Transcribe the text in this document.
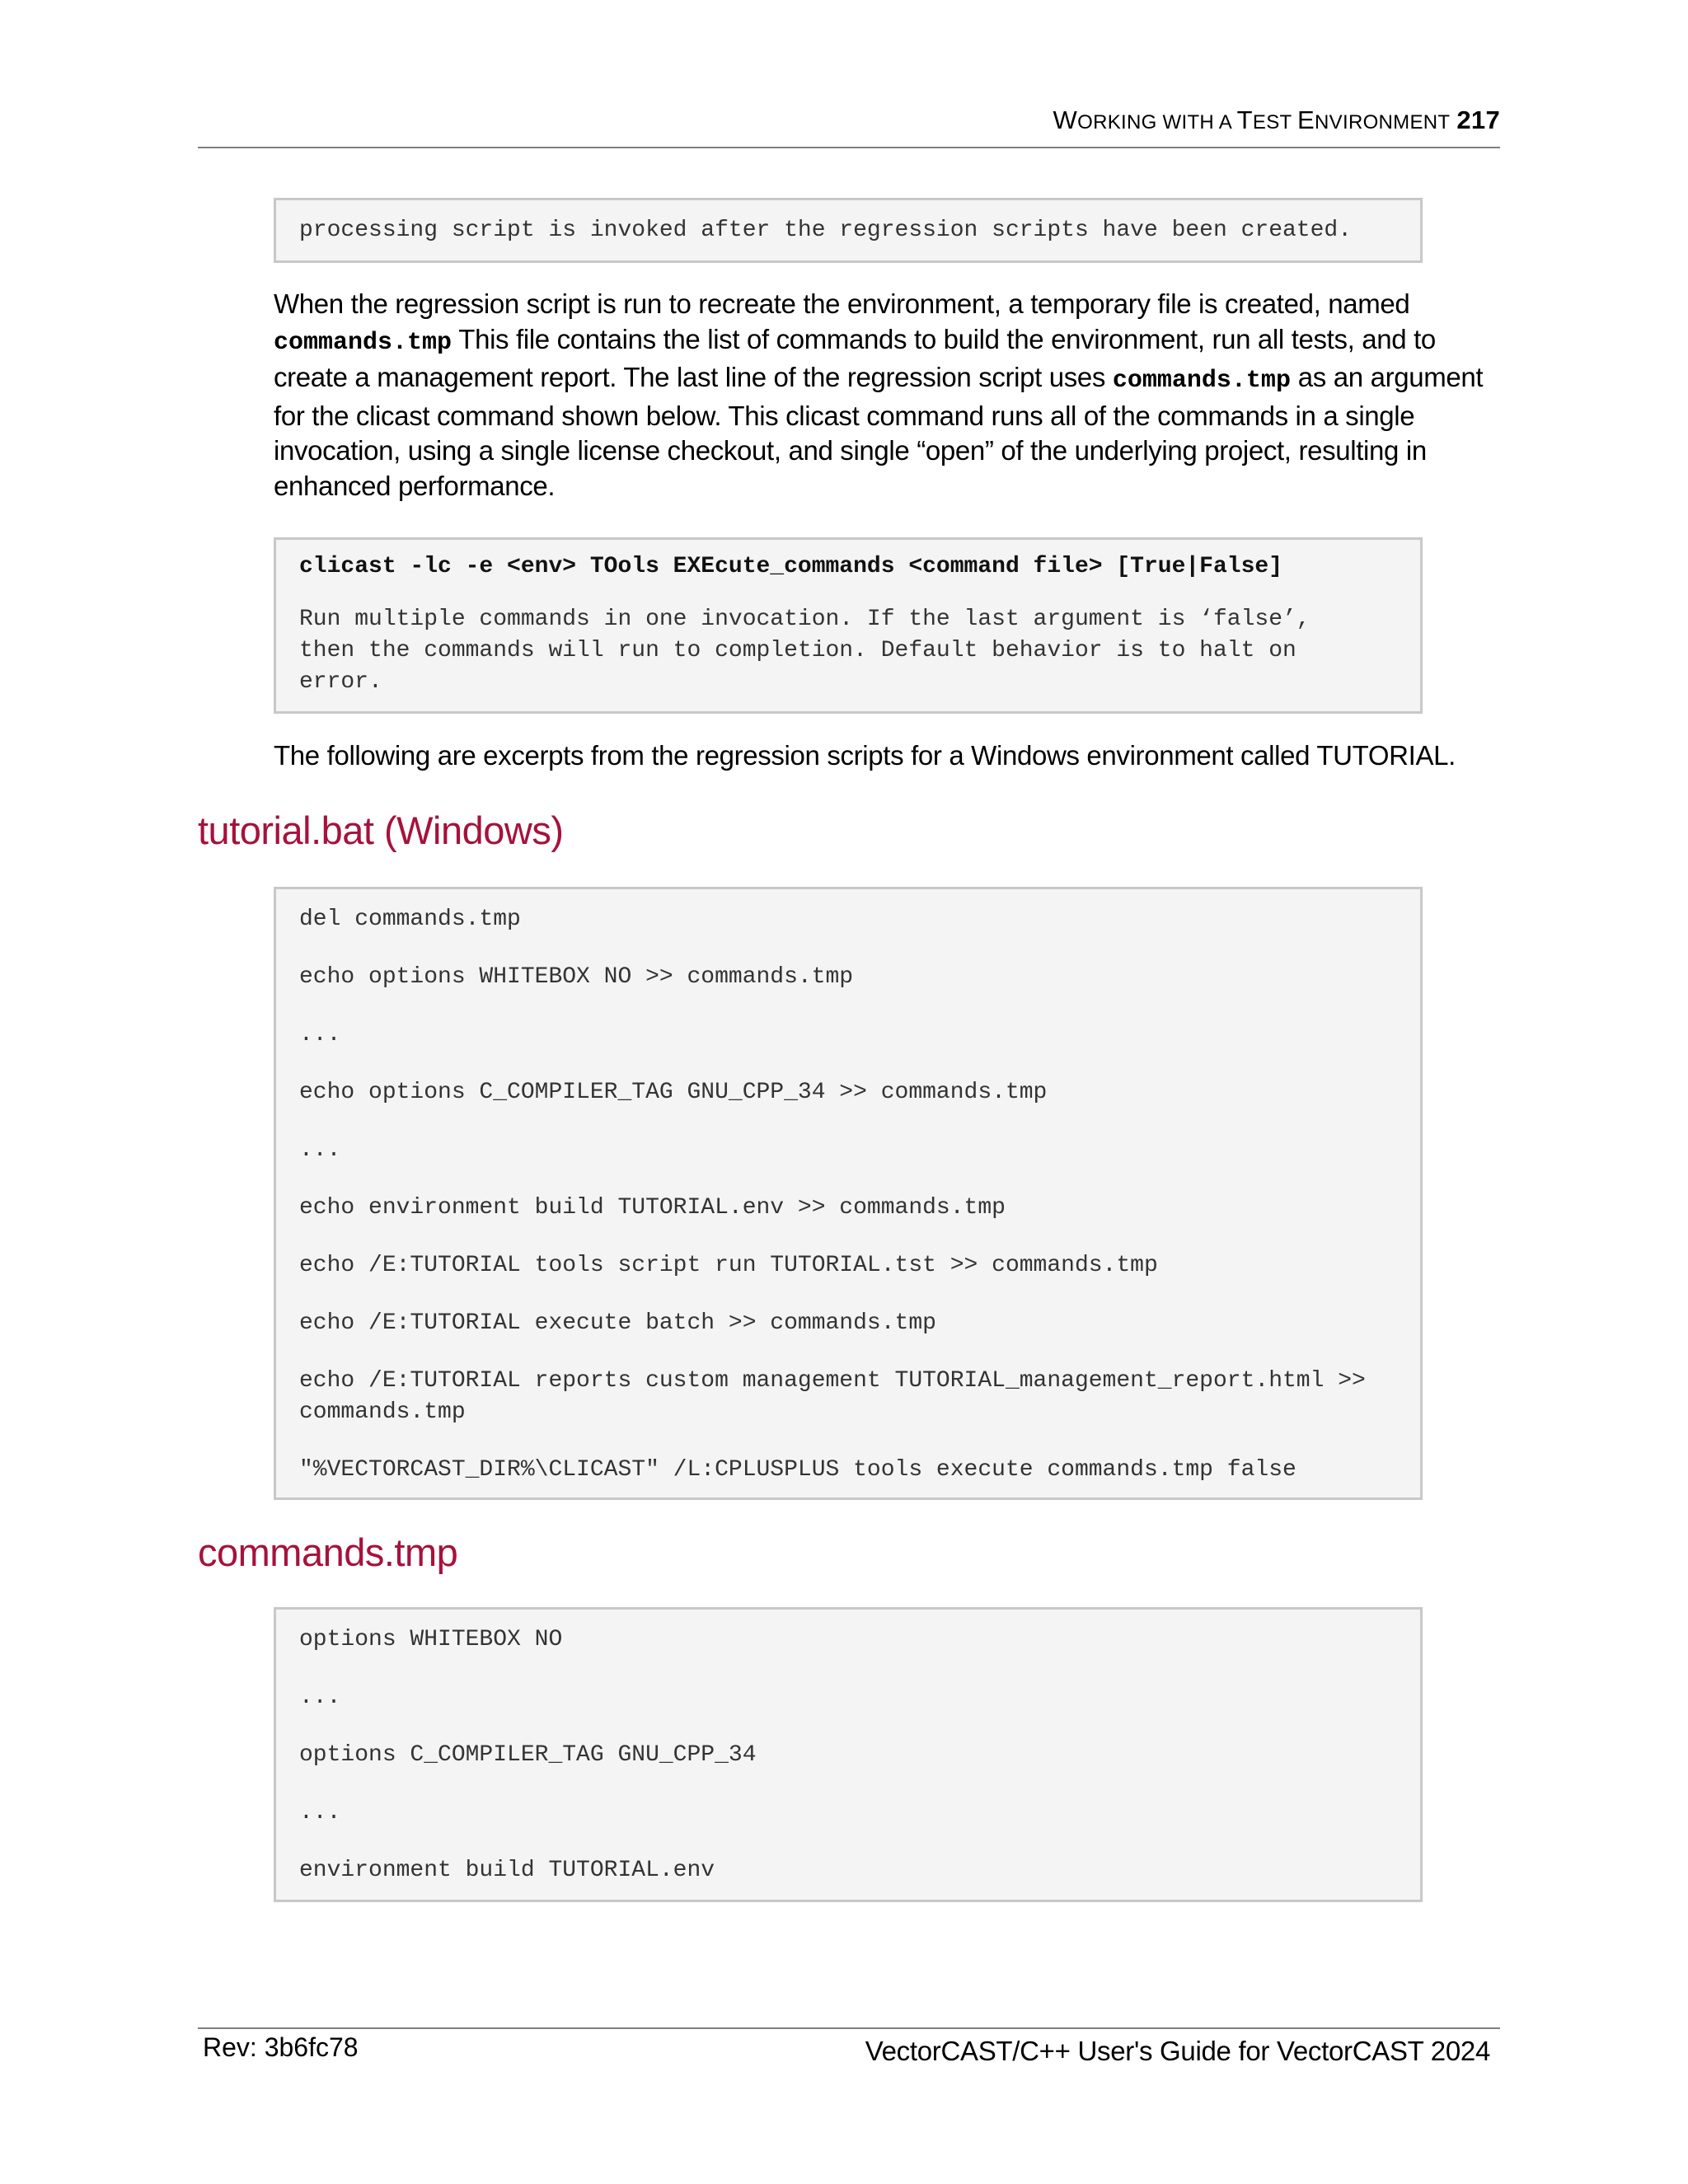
WORKING WITH A TEST ENVIRONMENT 217
processing script is invoked after the regression scripts have been created.
When the regression script is run to recreate the environment, a temporary file is created, named
commands.tmp This file contains the list of commands to build the environment, run all tests, and to create a management report. The last line of the regression script uses commands.tmp as an argument for the clicast command shown below. This clicast command runs all of the commands in a single invocation, using a single license checkout, and single “open” of the underlying project, resulting in enhanced performance.
clicast -lc -e <env> TOols EXEcute_commands <command file> [True|False]
Run multiple commands in one invocation. If the last argument is ‘false’,
then the commands will run to completion. Default behavior is to halt on
error.
The following are excerpts from the regression scripts for a Windows environment called TUTORIAL.
tutorial.bat (Windows)
del commands.tmp
echo options WHITEBOX NO >> commands.tmp
...
echo options C_COMPILER_TAG GNU_CPP_34 >> commands.tmp
...
echo environment build TUTORIAL.env >> commands.tmp
echo /E:TUTORIAL tools script run TUTORIAL.tst >> commands.tmp
echo /E:TUTORIAL execute batch >> commands.tmp
echo /E:TUTORIAL reports custom management TUTORIAL_management_report.html >>
commands.tmp
"%VECTORCAST_DIR%\CLICAST" /L:CPLUSPLUS tools execute commands.tmp false
commands.tmp
options WHITEBOX NO
...
options C_COMPILER_TAG GNU_CPP_34
...
environment build TUTORIAL.env
Rev: 3b6fc78	VectorCAST/C++ User's Guide for VectorCAST 2024
